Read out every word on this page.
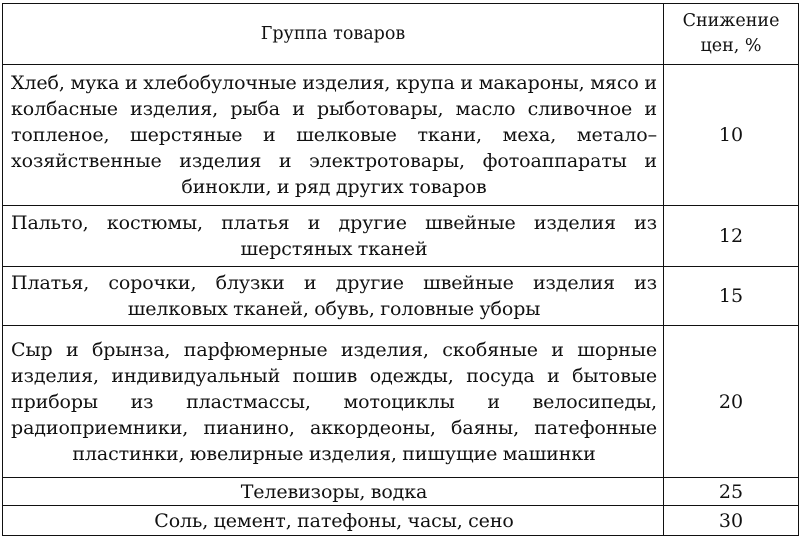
Группа товаров	Снижение цен, %
Хлеб, мука и хлебобулочные изделия, крупа и макароны, мясо и колбасные изделия, рыба и рыботовары, масло сливочное и топленое, шерстяные и шелковые ткани, меха, метало–хозяйственные изделия и электротовары, фотоаппараты и бинокли, и ряд других товаров	10
Пальто, костюмы, платья и другие швейные изделия из шерстяных тканей	12
Платья, сорочки, блузки и другие швейные изделия из шелковых тканей, обувь, головные уборы	15
Сыр и брынза, парфюмерные изделия, скобяные и шорные изделия, индивидуальный пошив одежды, посуда и бытовые приборы из пластмассы, мотоциклы и велосипеды, радиоприемники, пианино, аккордеоны, баяны, патефонные пластинки, ювелирные изделия, пишущие машинки	20
Телевизоры, водка	25
Соль, цемент, патефоны, часы, сено	30
